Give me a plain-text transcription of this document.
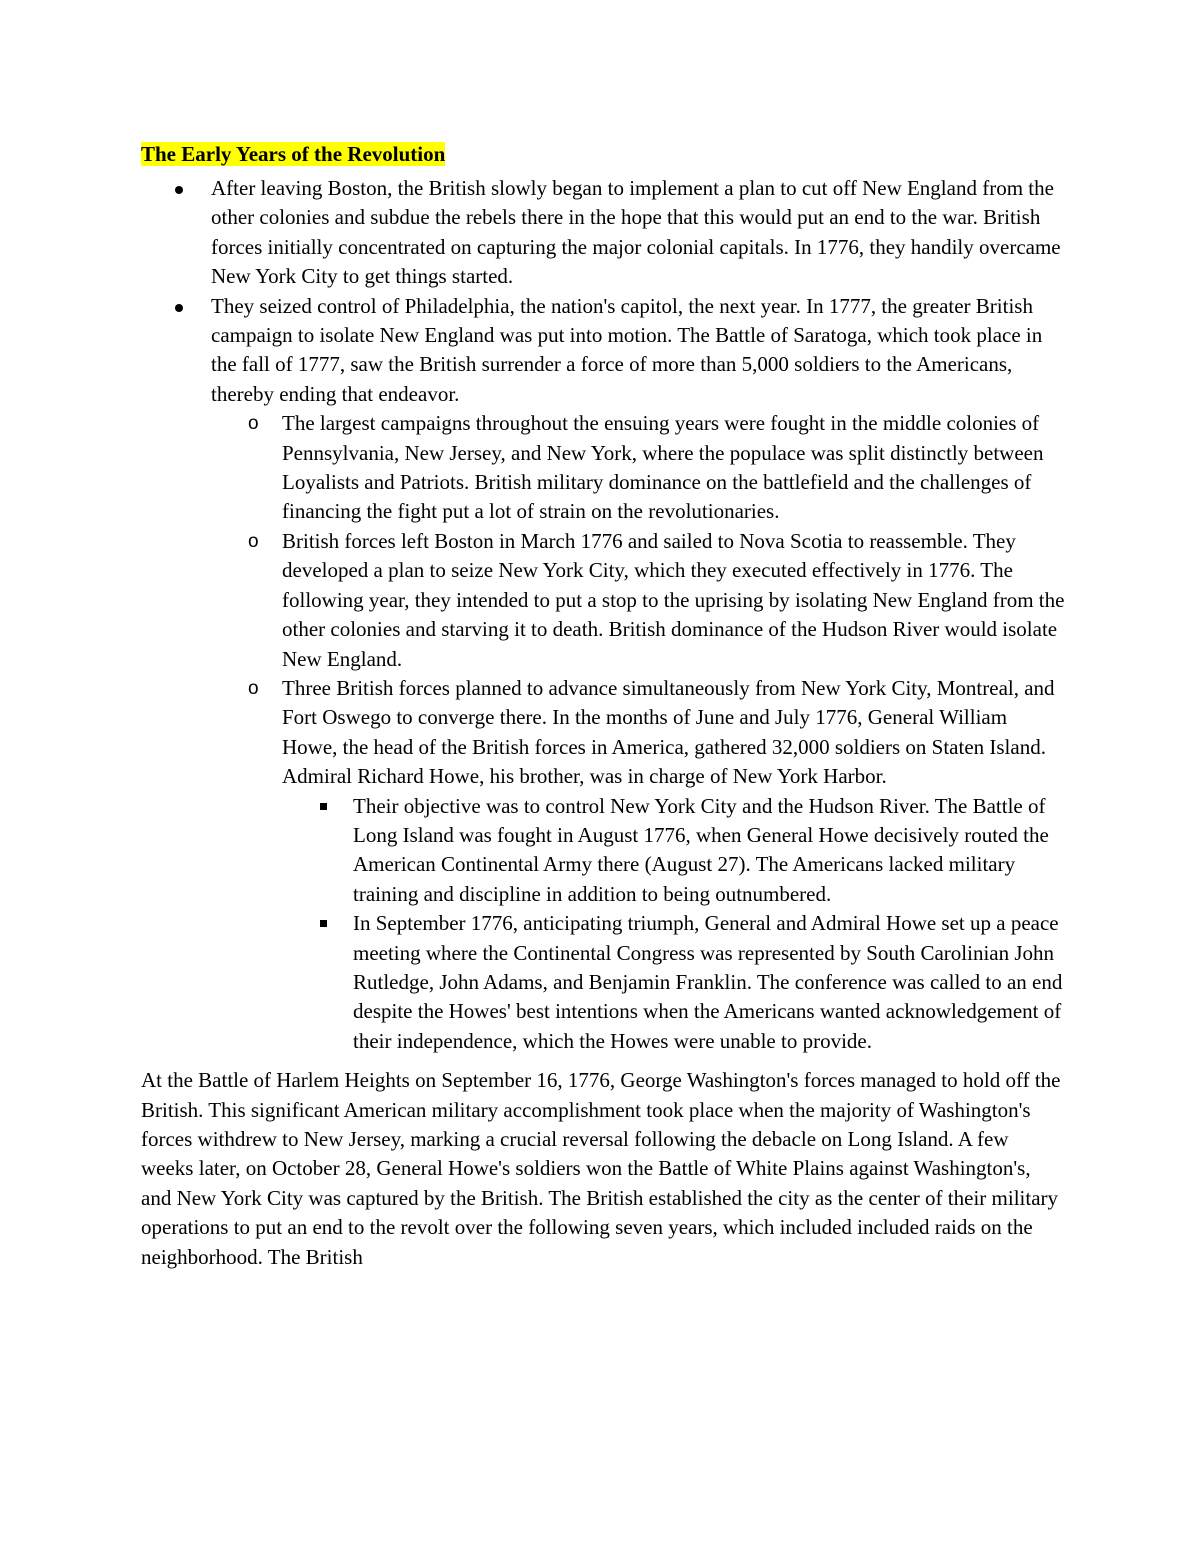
The Early Years of the Revolution
After leaving Boston, the British slowly began to implement a plan to cut off New England from the other colonies and subdue the rebels there in the hope that this would put an end to the war. British forces initially concentrated on capturing the major colonial capitals. In 1776, they handily overcame New York City to get things started.
They seized control of Philadelphia, the nation's capitol, the next year. In 1777, the greater British campaign to isolate New England was put into motion. The Battle of Saratoga, which took place in the fall of 1777, saw the British surrender a force of more than 5,000 soldiers to the Americans, thereby ending that endeavor.
o The largest campaigns throughout the ensuing years were fought in the middle colonies of Pennsylvania, New Jersey, and New York, where the populace was split distinctly between Loyalists and Patriots. British military dominance on the battlefield and the challenges of financing the fight put a lot of strain on the revolutionaries.
o British forces left Boston in March 1776 and sailed to Nova Scotia to reassemble. They developed a plan to seize New York City, which they executed effectively in 1776. The following year, they intended to put a stop to the uprising by isolating New England from the other colonies and starving it to death. British dominance of the Hudson River would isolate New England.
o Three British forces planned to advance simultaneously from New York City, Montreal, and Fort Oswego to converge there. In the months of June and July 1776, General William Howe, the head of the British forces in America, gathered 32,000 soldiers on Staten Island. Admiral Richard Howe, his brother, was in charge of New York Harbor.
Their objective was to control New York City and the Hudson River. The Battle of Long Island was fought in August 1776, when General Howe decisively routed the American Continental Army there (August 27). The Americans lacked military training and discipline in addition to being outnumbered.
In September 1776, anticipating triumph, General and Admiral Howe set up a peace meeting where the Continental Congress was represented by South Carolinian John Rutledge, John Adams, and Benjamin Franklin. The conference was called to an end despite the Howes' best intentions when the Americans wanted acknowledgement of their independence, which the Howes were unable to provide.

At the Battle of Harlem Heights on September 16, 1776, George Washington's forces managed to hold off the British. This significant American military accomplishment took place when the majority of Washington's forces withdrew to New Jersey, marking a crucial reversal following the debacle on Long Island. A few weeks later, on October 28, General Howe's soldiers won the Battle of White Plains against Washington's, and New York City was captured by the British. The British established the city as the center of their military operations to put an end to the revolt over the following seven years, which included included raids on the neighborhood. The British
